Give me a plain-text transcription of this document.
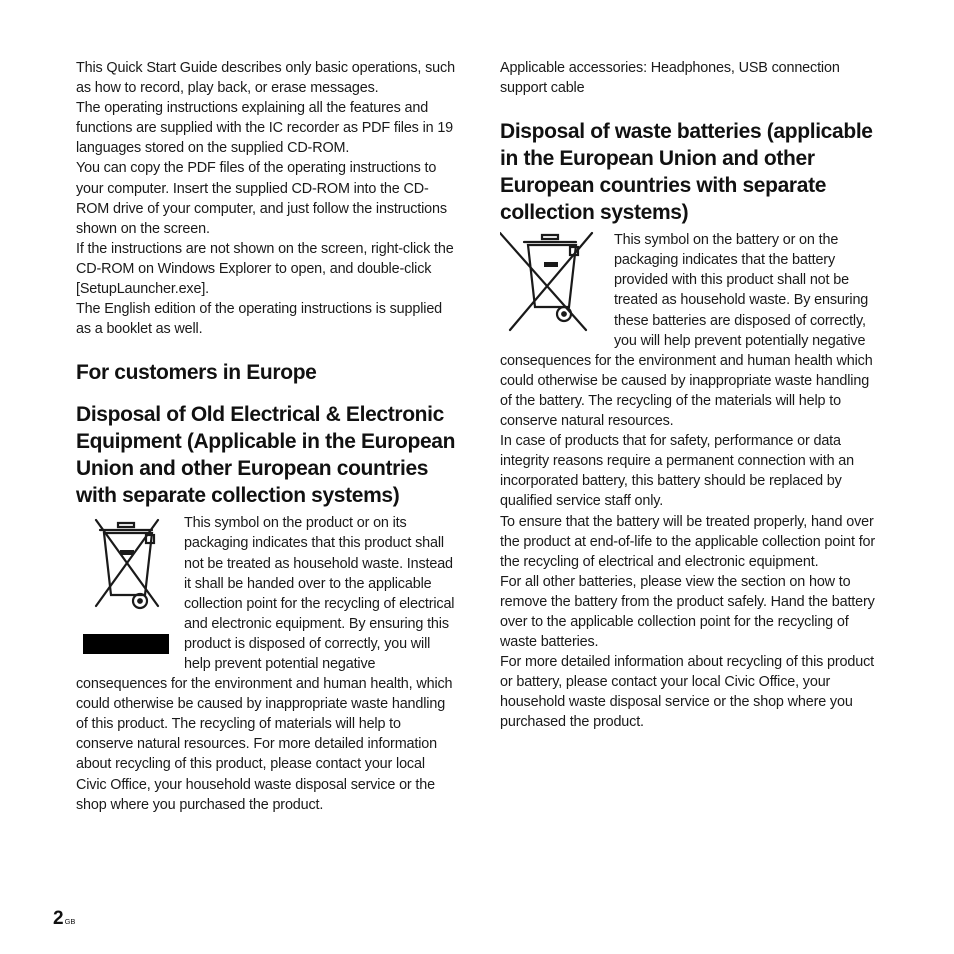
This Quick Start Guide describes only basic operations, such as how to record, play back, or erase messages.

The operating instructions explaining all the features and functions are supplied with the IC recorder as PDF files in 19 languages stored on the supplied CD-ROM.

You can copy the PDF files of the operating instructions to your computer. Insert the supplied CD-ROM into the CD-ROM drive of your computer, and just follow the instructions shown on the screen.

If the instructions are not shown on the screen, right-click the CD-ROM on Windows Explorer to open, and double-click [SetupLauncher.exe].

The English edition of the operating instructions is supplied as a booklet as well.

For customers in Europe
Disposal of Old Electrical & Electronic Equipment (Applicable in the European Union and other European countries with separate collection systems)

This symbol on the product or on its packaging indicates that this product shall not be treated as household waste. Instead it shall be handed over to the applicable collection point for the recycling of electrical and electronic equipment. By ensuring this product is disposed of correctly, you will help prevent potential negative consequences for the environment and human health, which could otherwise be caused by inappropriate waste handling of this product. The recycling of materials will help to conserve natural resources. For more detailed information about recycling of this product, please contact your local Civic Office, your household waste disposal service or the shop where you purchased the product.

Applicable accessories: Headphones, USB connection support cable

Disposal of waste batteries (applicable in the European Union and other European countries with separate collection systems)

This symbol on the battery or on the packaging indicates that the battery provided with this product shall not be treated as household waste. By ensuring these batteries are disposed of correctly, you will help prevent potentially negative consequences for the environment and human health which could otherwise be caused by inappropriate waste handling of the battery. The recycling of the materials will help to conserve natural resources.

In case of products that for safety, performance or data integrity reasons require a permanent connection with an incorporated battery, this battery should be replaced by qualified service staff only.

To ensure that the battery will be treated properly, hand over the product at end-of-life to the applicable collection point for the recycling of electrical and electronic equipment.

For all other batteries, please view the section on how to remove the battery from the product safely. Hand the battery over to the applicable collection point for the recycling of waste batteries.

For more detailed information about recycling of this product or battery, please contact your local Civic Office, your household waste disposal service or the shop where you purchased the product.

$2^{GB}$
